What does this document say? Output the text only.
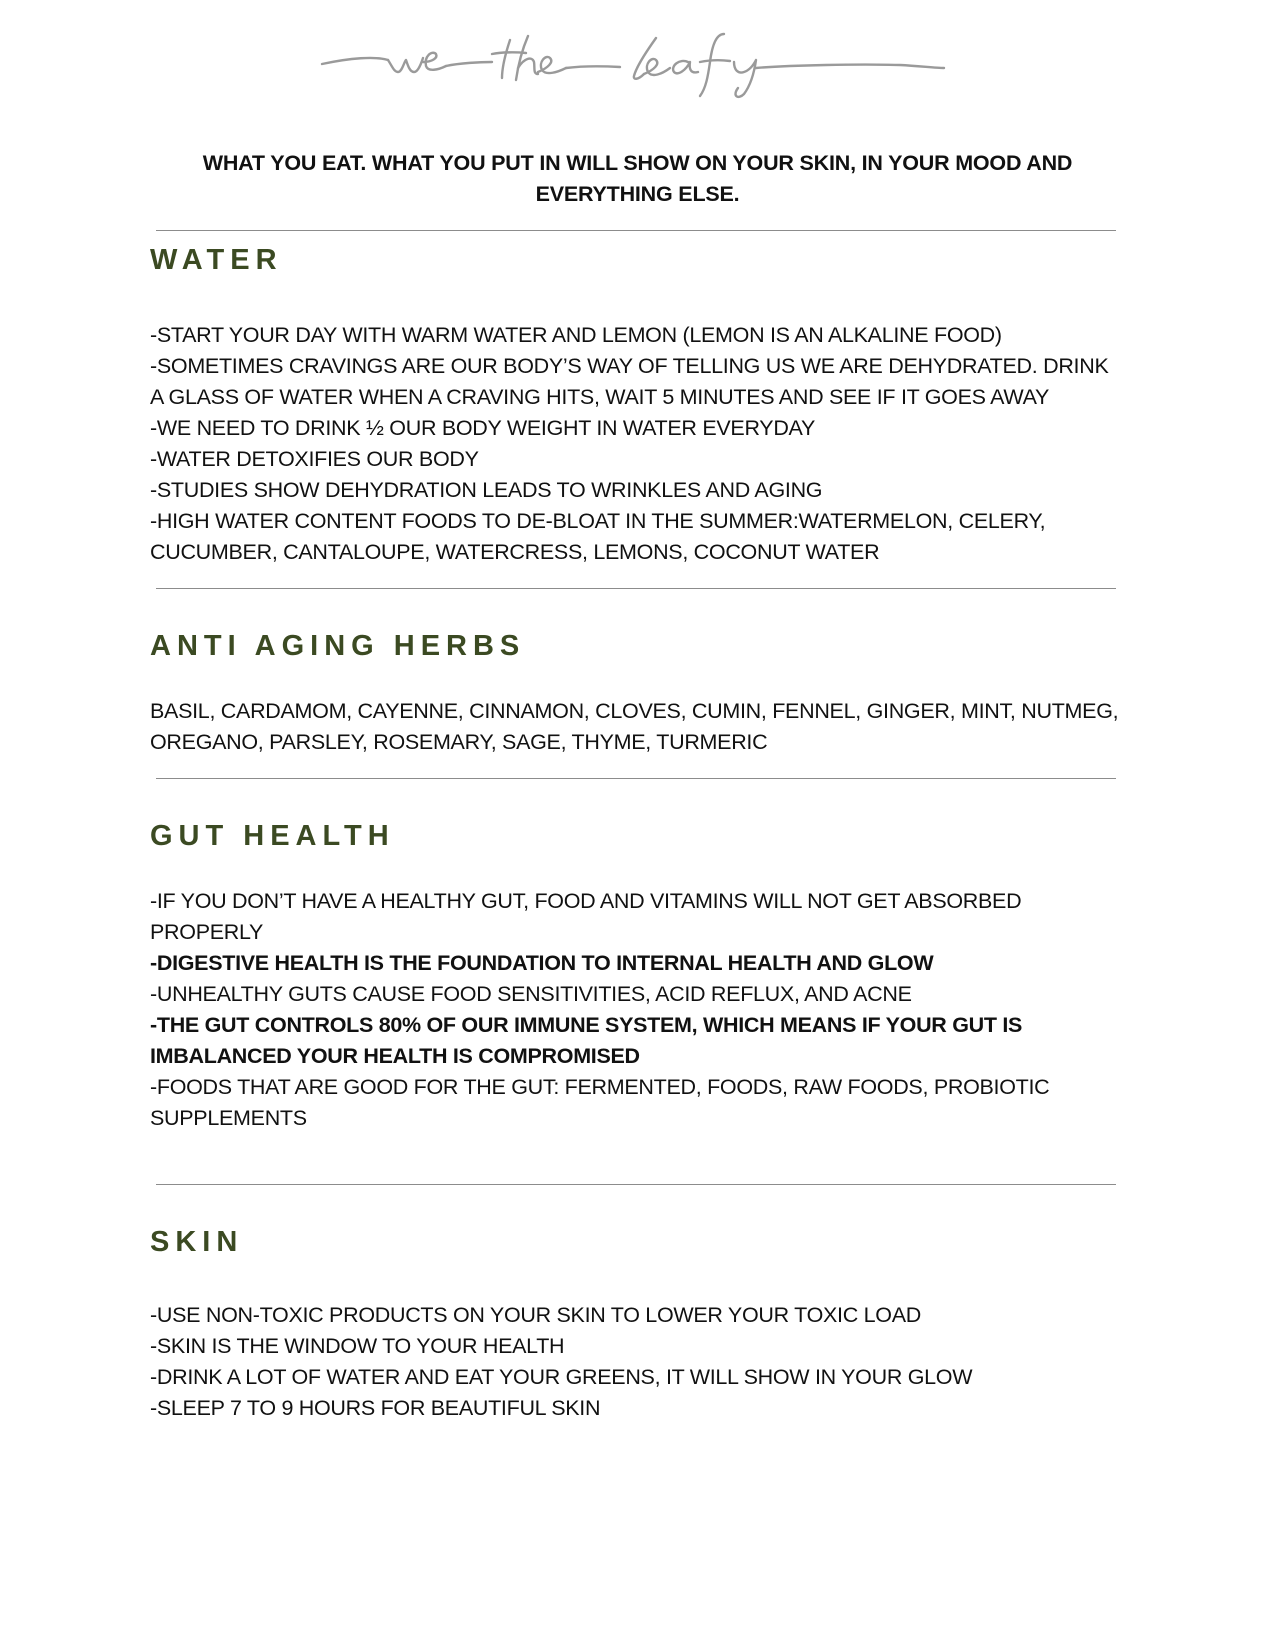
WHAT YOU EAT. WHAT YOU PUT IN WILL SHOW ON YOUR SKIN, IN YOUR MOOD AND EVERYTHING ELSE.

WATER

-START YOUR DAY WITH WARM WATER AND LEMON (LEMON IS AN ALKALINE FOOD)

-SOMETIMES CRAVINGS ARE OUR BODY’S WAY OF TELLING US WE ARE DEHYDRATED. DRINK A GLASS OF WATER WHEN A CRAVING HITS, WAIT 5 MINUTES AND SEE IF IT GOES AWAY

-WE NEED TO DRINK ½ OUR BODY WEIGHT IN WATER EVERYDAY

-WATER DETOXIFIES OUR BODY

-STUDIES SHOW DEHYDRATION LEADS TO WRINKLES AND AGING

-HIGH WATER CONTENT FOODS TO DE-BLOAT IN THE SUMMER:WATERMELON, CELERY, CUCUMBER, CANTALOUPE, WATERCRESS, LEMONS, COCONUT WATER

ANTI AGING HERBS

BASIL, CARDAMOM, CAYENNE, CINNAMON, CLOVES, CUMIN, FENNEL, GINGER, MINT, NUTMEG, OREGANO, PARSLEY, ROSEMARY, SAGE, THYME, TURMERIC

GUT HEALTH

-IF YOU DON’T HAVE A HEALTHY GUT, FOOD AND VITAMINS WILL NOT GET ABSORBED PROPERLY

-DIGESTIVE HEALTH IS THE FOUNDATION TO INTERNAL HEALTH AND GLOW

-UNHEALTHY GUTS CAUSE FOOD SENSITIVITIES, ACID REFLUX, AND ACNE

-THE GUT CONTROLS 80% OF OUR IMMUNE SYSTEM, WHICH MEANS IF YOUR GUT IS IMBALANCED YOUR HEALTH IS COMPROMISED

-FOODS THAT ARE GOOD FOR THE GUT: FERMENTED, FOODS, RAW FOODS, PROBIOTIC SUPPLEMENTS

SKIN

-USE NON-TOXIC PRODUCTS ON YOUR SKIN TO LOWER YOUR TOXIC LOAD

-SKIN IS THE WINDOW TO YOUR HEALTH

-DRINK A LOT OF WATER AND EAT YOUR GREENS, IT WILL SHOW IN YOUR GLOW

-SLEEP 7 TO 9 HOURS FOR BEAUTIFUL SKIN
